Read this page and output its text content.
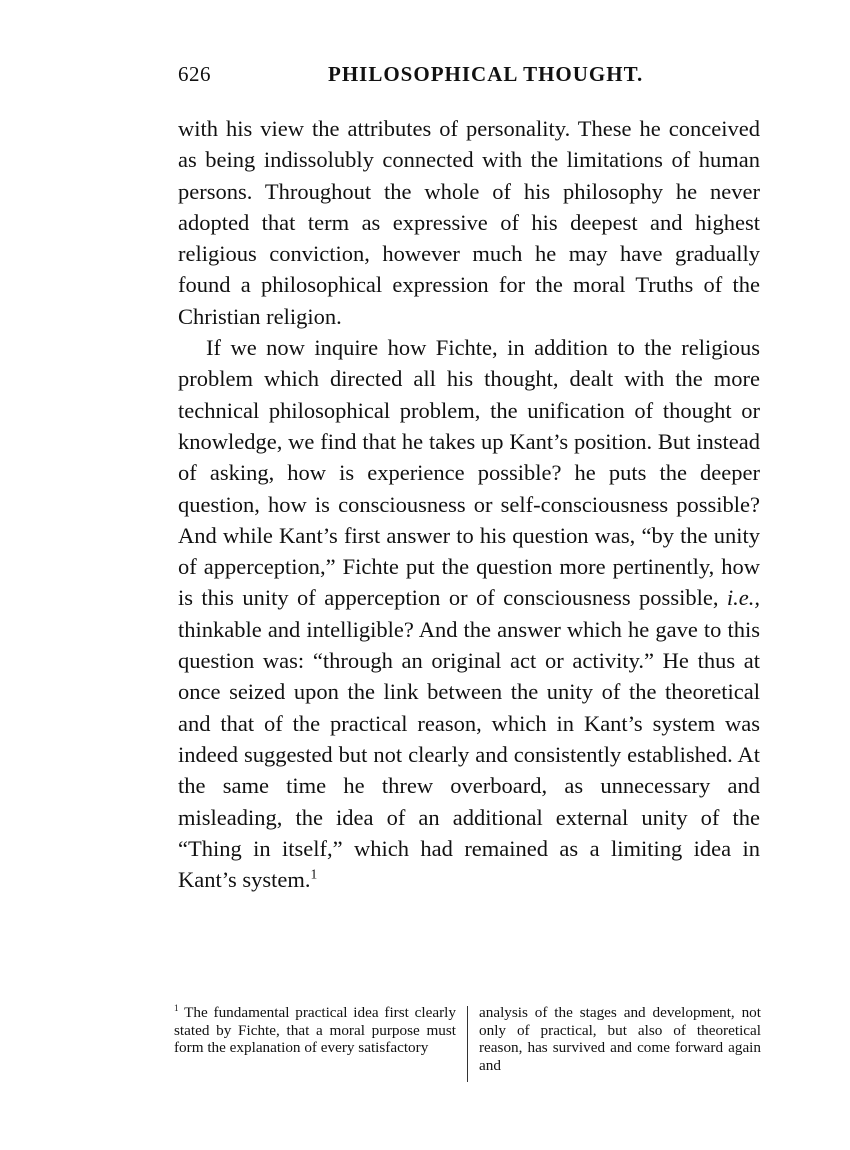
626	PHILOSOPHICAL THOUGHT.

with his view the attributes of personality. These he conceived as being indissolubly connected with the limitations of human persons. Throughout the whole of his philosophy he never adopted that term as expressive of his deepest and highest religious conviction, however much he may have gradually found a philosophical expression for the moral Truths of the Christian religion.

If we now inquire how Fichte, in addition to the religious problem which directed all his thought, dealt with the more technical philosophical problem, the unification of thought or knowledge, we find that he takes up Kant’s position. But instead of asking, how is experience possible? he puts the deeper question, how is consciousness or self-consciousness possible? And while Kant’s first answer to his question was, “by the unity of apperception,” Fichte put the question more pertinently, how is this unity of apperception or of consciousness possible, i.e., thinkable and intelligible? And the answer which he gave to this question was: “through an original act or activity.” He thus at once seized upon the link between the unity of the theoretical and that of the practical reason, which in Kant’s system was indeed suggested but not clearly and consistently established. At the same time he threw overboard, as unnecessary and misleading, the idea of an additional external unity of the “Thing in itself,” which had remained as a limiting idea in Kant’s system.$^1$

$^1$ The fundamental practical idea first clearly stated by Fichte, that a moral purpose must form the explanation of every satisfactory
analysis of the stages and development, not only of practical, but also of theoretical reason, has survived and come forward again and
